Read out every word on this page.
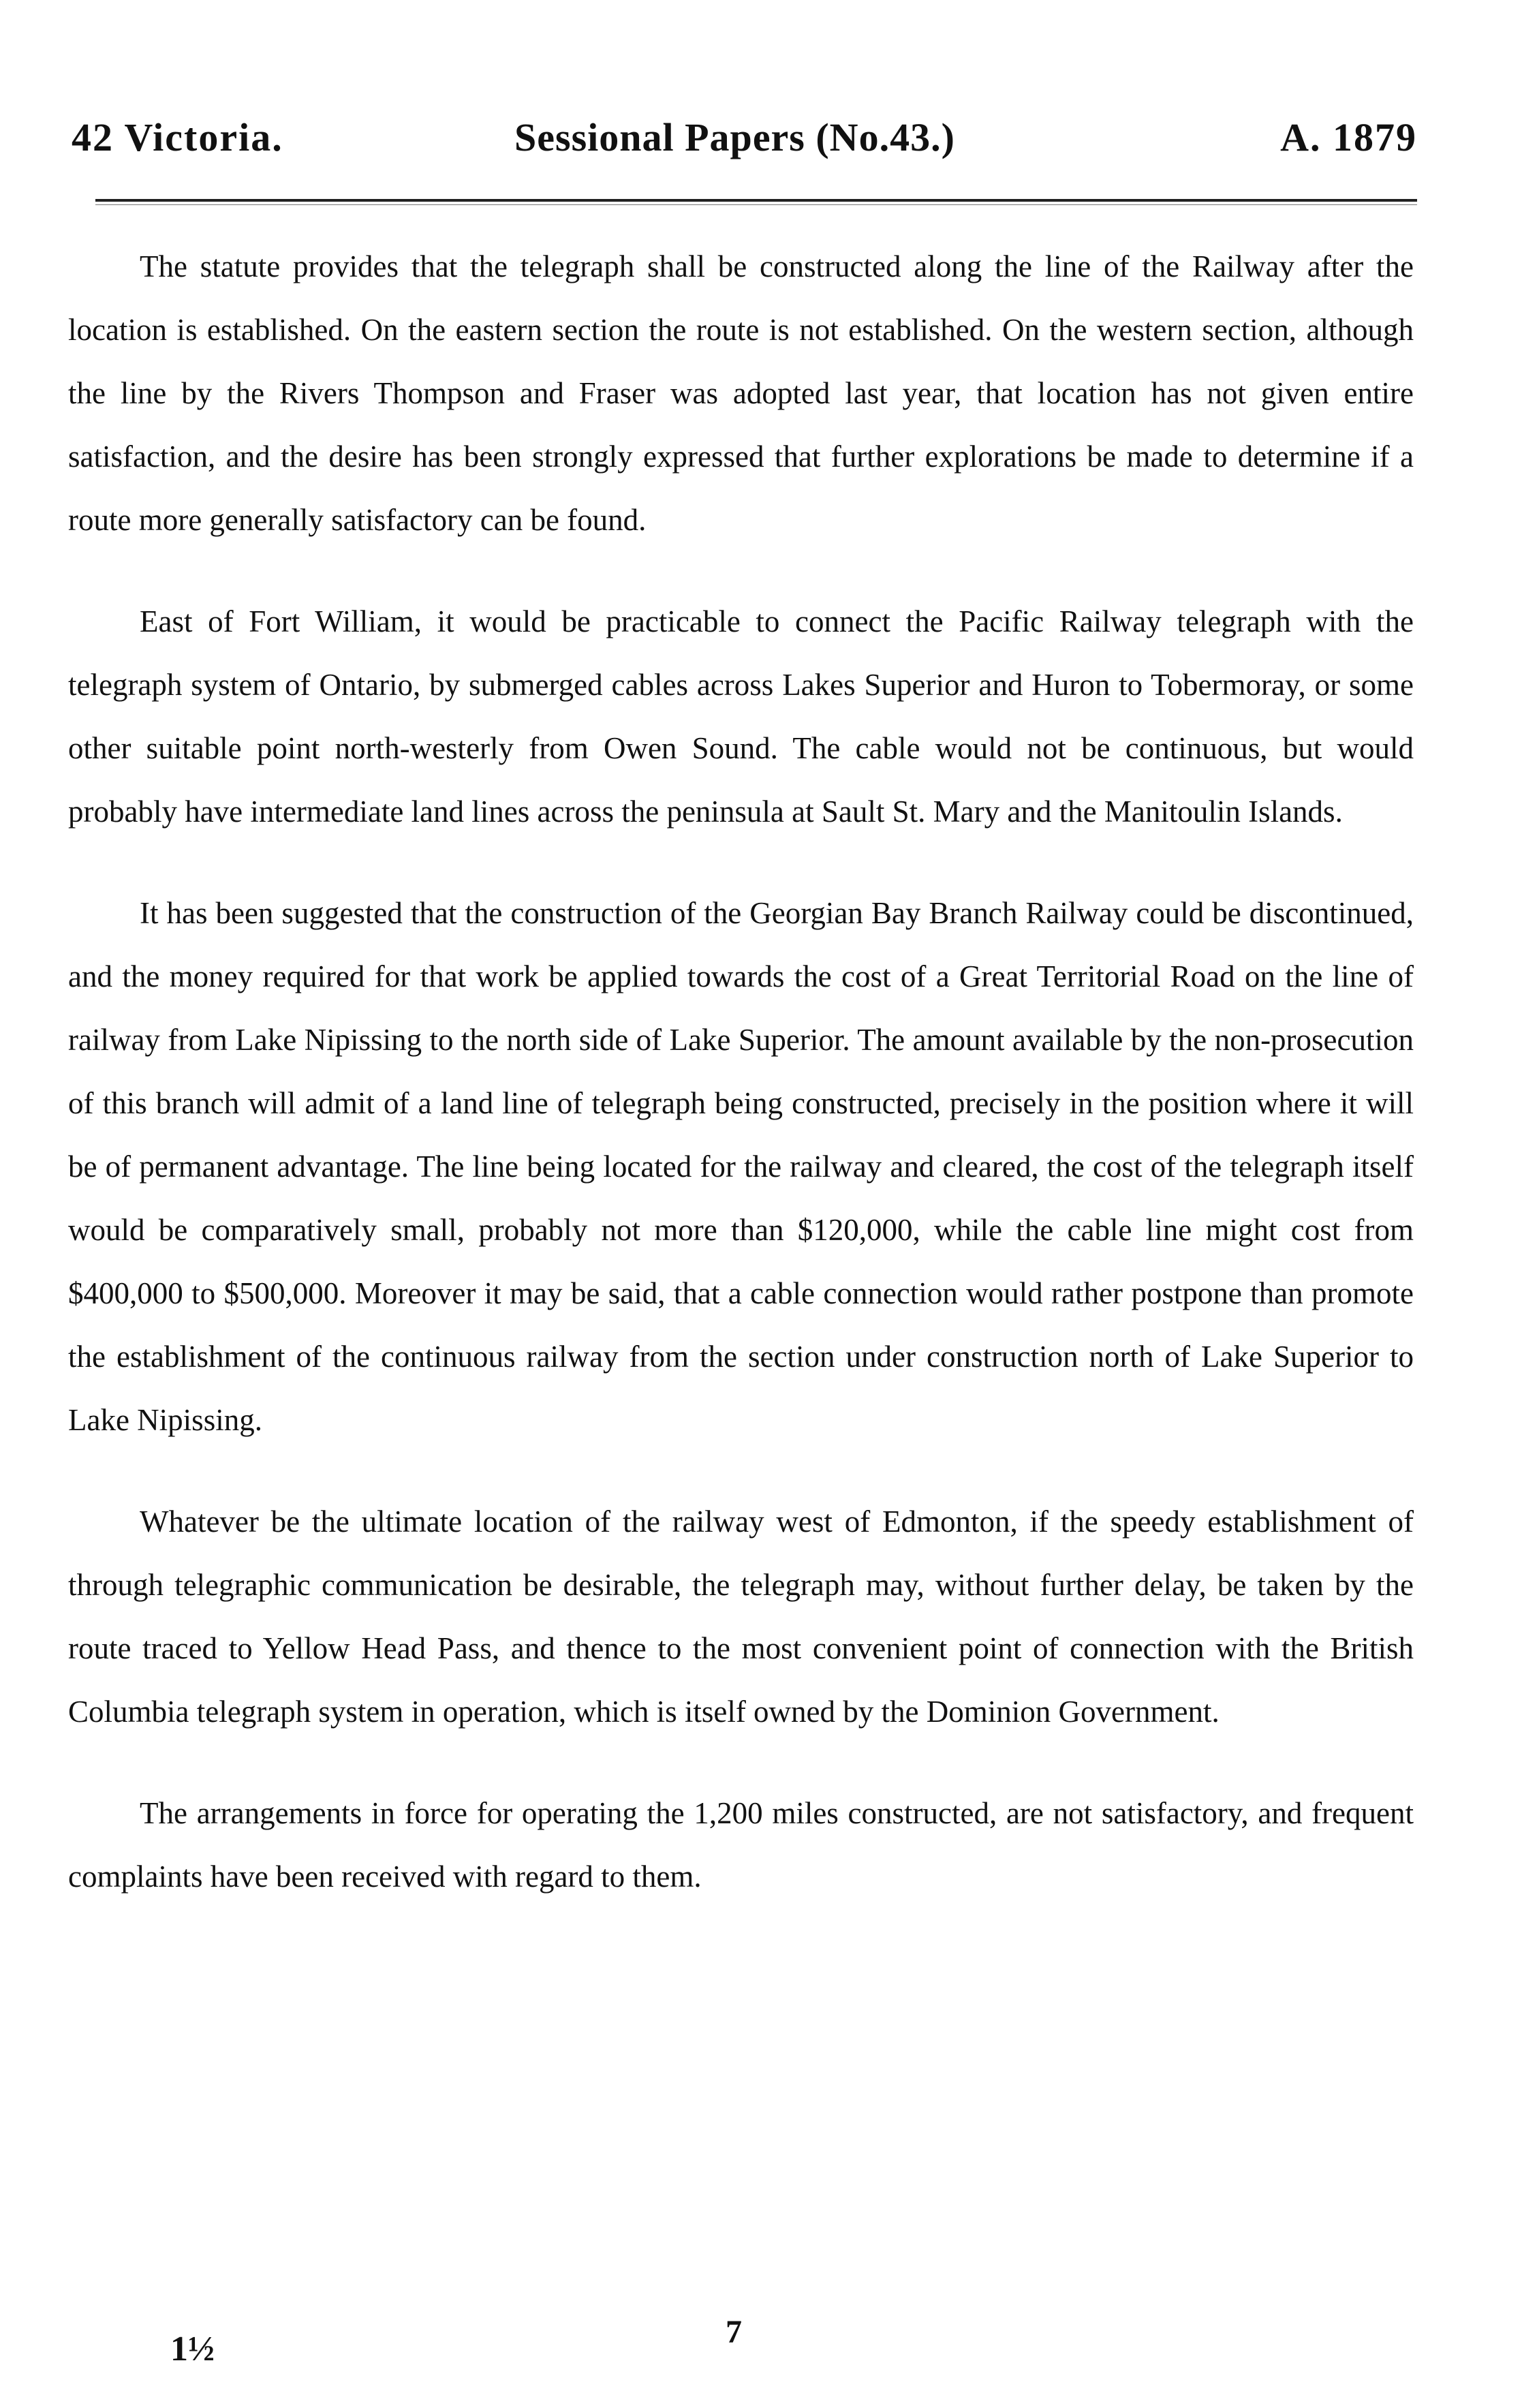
42 Victoria.	Sessional Papers (No.43.)	A. 1879

The statute provides that the telegraph shall be constructed along the line of the Railway after the location is established. On the eastern section the route is not established. On the western section, although the line by the Rivers Thompson and Fraser was adopted last year, that location has not given entire satisfaction, and the desire has been strongly expressed that further explorations be made to determine if a route more generally satisfactory can be found.

East of Fort William, it would be practicable to connect the Pacific Railway telegraph with the telegraph system of Ontario, by submerged cables across Lakes Superior and Huron to Tobermoray, or some other suitable point north-westerly from Owen Sound. The cable would not be continuous, but would probably have intermediate land lines across the peninsula at Sault St. Mary and the Manitoulin Islands.

It has been suggested that the construction of the Georgian Bay Branch Railway could be discontinued, and the money required for that work be applied towards the cost of a Great Territorial Road on the line of railway from Lake Nipissing to the north side of Lake Superior. The amount available by the non-prosecution of this branch will admit of a land line of telegraph being constructed, precisely in the position where it will be of permanent advantage. The line being located for the railway and cleared, the cost of the telegraph itself would be comparatively small, probably not more than $120,000, while the cable line might cost from $400,000 to $500,000. Moreover it may be said, that a cable connection would rather postpone than promote the establishment of the continuous railway from the section under construction north of Lake Superior to Lake Nipissing.

Whatever be the ultimate location of the railway west of Edmonton, if the speedy establishment of through telegraphic communication be desirable, the telegraph may, without further delay, be taken by the route traced to Yellow Head Pass, and thence to the most convenient point of connection with the British Columbia telegraph system in operation, which is itself owned by the Dominion Government.

The arrangements in force for operating the 1,200 miles constructed, are not satisfactory, and frequent complaints have been received with regard to them.

7
1½
